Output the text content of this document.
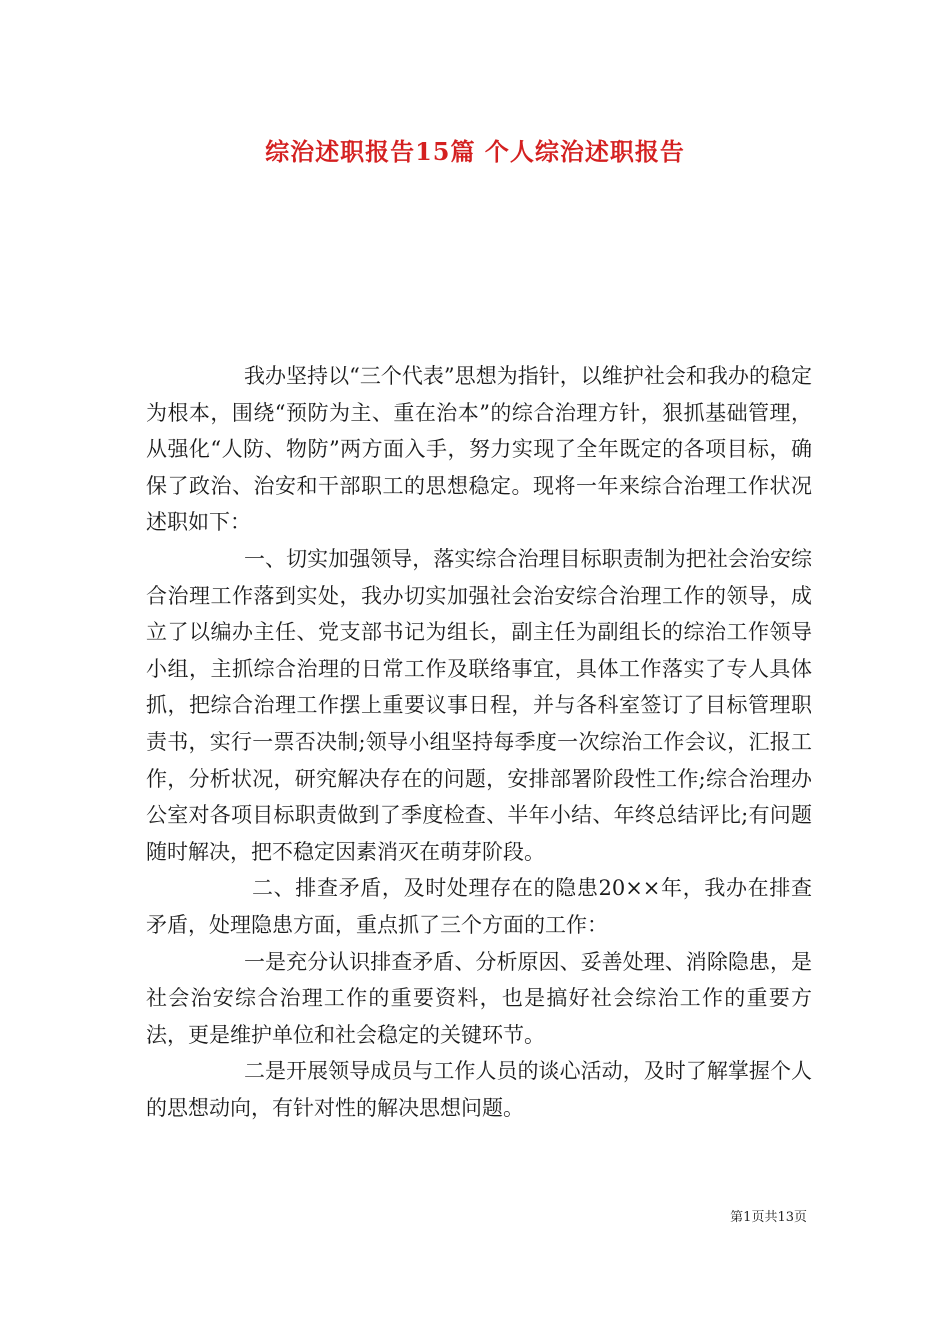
综治述职报告15篇 个人综治述职报告

我办坚持以“三个代表”思想为指针，以维护社会和我办的稳定为根本，围绕“预防为主、重在治本”的综合治理方针，狠抓基础管理，从强化“人防、物防”两方面入手，努力实现了全年既定的各项目标，确保了政治、治安和干部职工的思想稳定。现将一年来综合治理工作状况述职如下：

一、切实加强领导，落实综合治理目标职责制为把社会治安综合治理工作落到实处，我办切实加强社会治安综合治理工作的领导，成立了以编办主任、党支部书记为组长，副主任为副组长的综治工作领导小组，主抓综合治理的日常工作及联络事宜，具体工作落实了专人具体抓，把综合治理工作摆上重要议事日程，并与各科室签订了目标管理职责书，实行一票否决制;领导小组坚持每季度一次综治工作会议，汇报工作，分析状况，研究解决存在的问题，安排部署阶段性工作;综合治理办公室对各项目标职责做到了季度检查、半年小结、年终总结评比;有问题随时解决，把不稳定因素消灭在萌芽阶段。

二、排查矛盾，及时处理存在的隐患20××年，我办在排查矛盾，处理隐患方面，重点抓了三个方面的工作：

一是充分认识排查矛盾、分析原因、妥善处理、消除隐患，是社会治安综合治理工作的重要资料，也是搞好社会综治工作的重要方法，更是维护单位和社会稳定的关键环节。

二是开展领导成员与工作人员的谈心活动，及时了解掌握个人的思想动向，有针对性的解决思想问题。

第1页共13页
